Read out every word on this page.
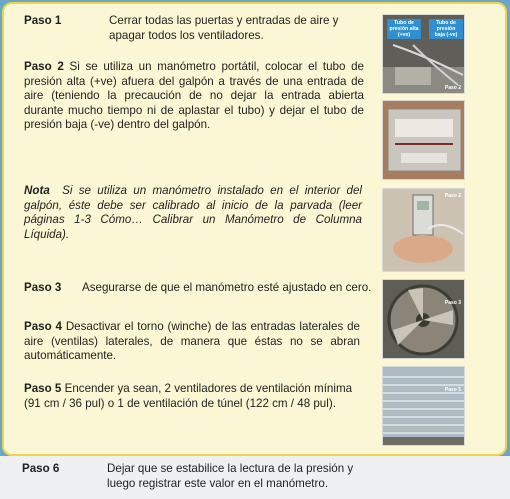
Paso 1	Cerrar todas las puertas y entradas de aire y apagar todos los ventiladores.
Paso 2 Si se utiliza un manómetro portátil, colocar el tubo de presión alta (+ve) afuera del galpón a través de una entrada de aire (teniendo la precaución de no dejar la entrada abierta durante mucho tiempo ni de aplastar el tubo) y dejar el tubo de presión baja (-ve) dentro del galpón.
Nota Si se utiliza un manómetro instalado en el interior del galpón, éste debe ser calibrado al inicio de la parvada (leer páginas 1-3 Cómo… Calibrar un Manómetro de Columna Líquida).
Paso 3 Asegurarse de que el manómetro esté ajustado en cero.
Paso 4 Desactivar el torno (winche) de las entradas laterales de aire (ventilas) laterales, de manera que éstas no se abran automáticamente.
Paso 5 Encender ya sean, 2 ventiladores de ventilación mínima (91 cm / 36 pul) o 1 de ventilación de túnel (122 cm / 48 pul).
Tubo de presión alta (+ve)
Tubo de presión baja (-ve)
Paso 2
Paso 2
Paso 3
Paso 5
Paso 6	Dejar que se estabilice la lectura de la presión y luego registrar este valor en el manómetro.
